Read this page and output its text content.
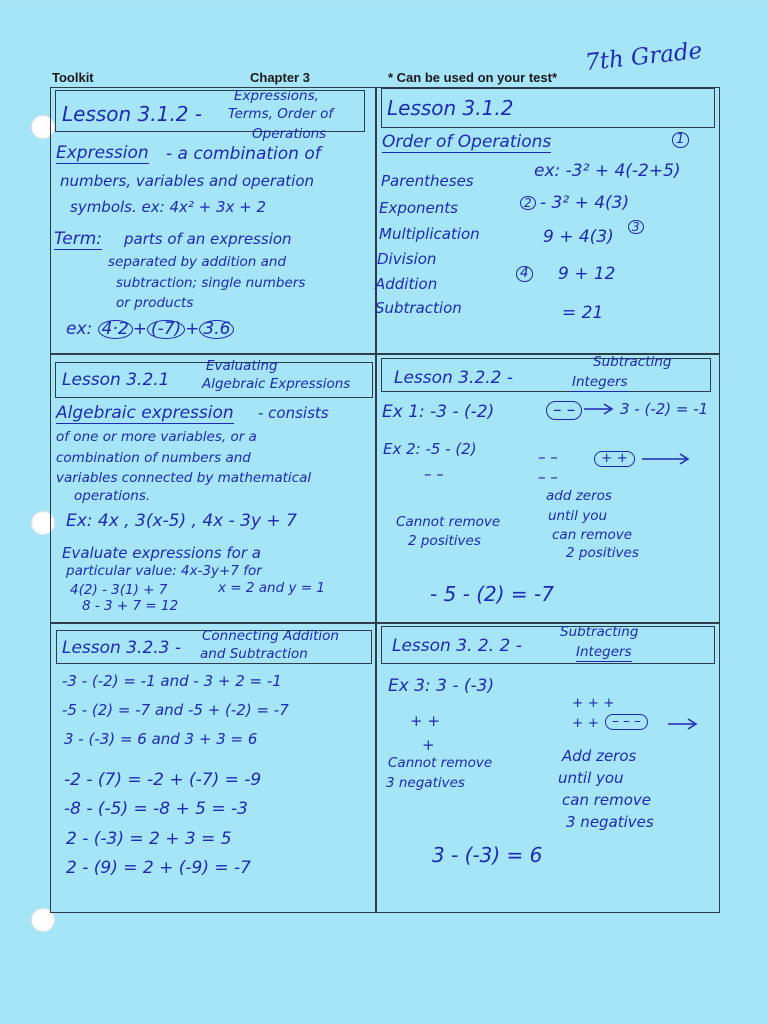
Toolkit	Chapter 3	* Can be used on your test*
7th Grade
Lesson 3.1.2 -
Expressions,
Terms, Order of
Operations
Expression - a combination of
numbers, variables and operation
symbols. ex: 4x² + 3x + 2
Term: parts of an expression
separated by addition and
subtraction; single numbers
or products
ex: 4·2 + (-7) + 3.6
Lesson 3.1.2
Order of Operations
Parentheses
Exponents
Multiplication
Division
Addition
Subtraction
1
ex: -3² + 4(-2+5)
2 - 3² + 4(3)
9 + 4(3)	3
4 9 + 12
= 21
Lesson 3.2.1
Evaluating
Algebraic Expressions
Algebraic expression - consists
of one or more variables, or a
combination of numbers and
variables connected by mathematical
operations.
Ex: 4x , 3(x-5) , 4x - 3y + 7
Evaluate expressions for a
particular value: 4x-3y+7 for
x = 2 and y = 1
4(2) - 3(1) + 7
8 - 3 + 7 = 12
Lesson 3.2.2 -
Subtracting
Integers
Ex 1: -3 - (-2)	– –	3 - (-2) = -1
Ex 2: -5 - (2)	– –	+ +
– –	– –
Cannot remove
2 positives
add zeros
until you
can remove
2 positives
- 5 - (2) = -7
Lesson 3.2.3 -
Connecting Addition
and Subtraction
-3 - (-2) = -1 and - 3 + 2 = -1
-5 - (2) = -7 and -5 + (-2) = -7
3 - (-3) = 6 and 3 + 3 = 6
-2 - (7) = -2 + (-7) = -9
-8 - (-5) = -8 + 5 = -3
2 - (-3) = 2 + 3 = 5
2 - (9) = 2 + (-9) = -7
Lesson 3. 2. 2 -
Subtracting
Integers
Ex 3: 3 - (-3)
+ +
+
+ + +
+ + – – –
Cannot remove
3 negatives
Add zeros
until you
can remove
3 negatives
3 - (-3) = 6
